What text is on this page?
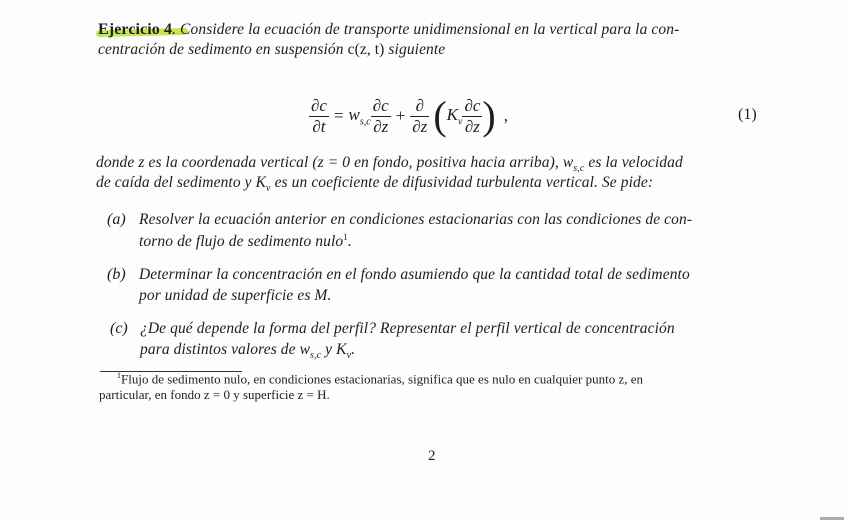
Ejercicio 4. Considere la ecuación de transporte unidimensional en la vertical para la con-
centración de sedimento en suspensión c(z, t) siguiente
$\frac{\partial c}{\partial t} = w_{s,c} \frac{\partial c}{\partial z} + \frac{\partial}{\partial z}$ ( $K_v \frac{\partial c}{\partial z}$ ) ,	(1)
donde z es la coordenada vertical (z = 0 en fondo, positiva hacia arriba), $w_{s,c}$ es la velocidad
de caída del sedimento y $K_v$ es un coeficiente de difusividad turbulenta vertical. Se pide:
(a) Resolver la ecuación anterior en condiciones estacionarias con las condiciones de con-
torno de flujo de sedimento nulo$^1$.
(b) Determinar la concentración en el fondo asumiendo que la cantidad total de sedimento
por unidad de superficie es M.
(c) ¿De qué depende la forma del perfil? Representar el perfil vertical de concentración
para distintos valores de $w_{s,c}$ y $K_v$.
$^1$Flujo de sedimento nulo, en condiciones estacionarias, significa que es nulo en cualquier punto z, en
particular, en fondo z = 0 y superficie z = H.
2
